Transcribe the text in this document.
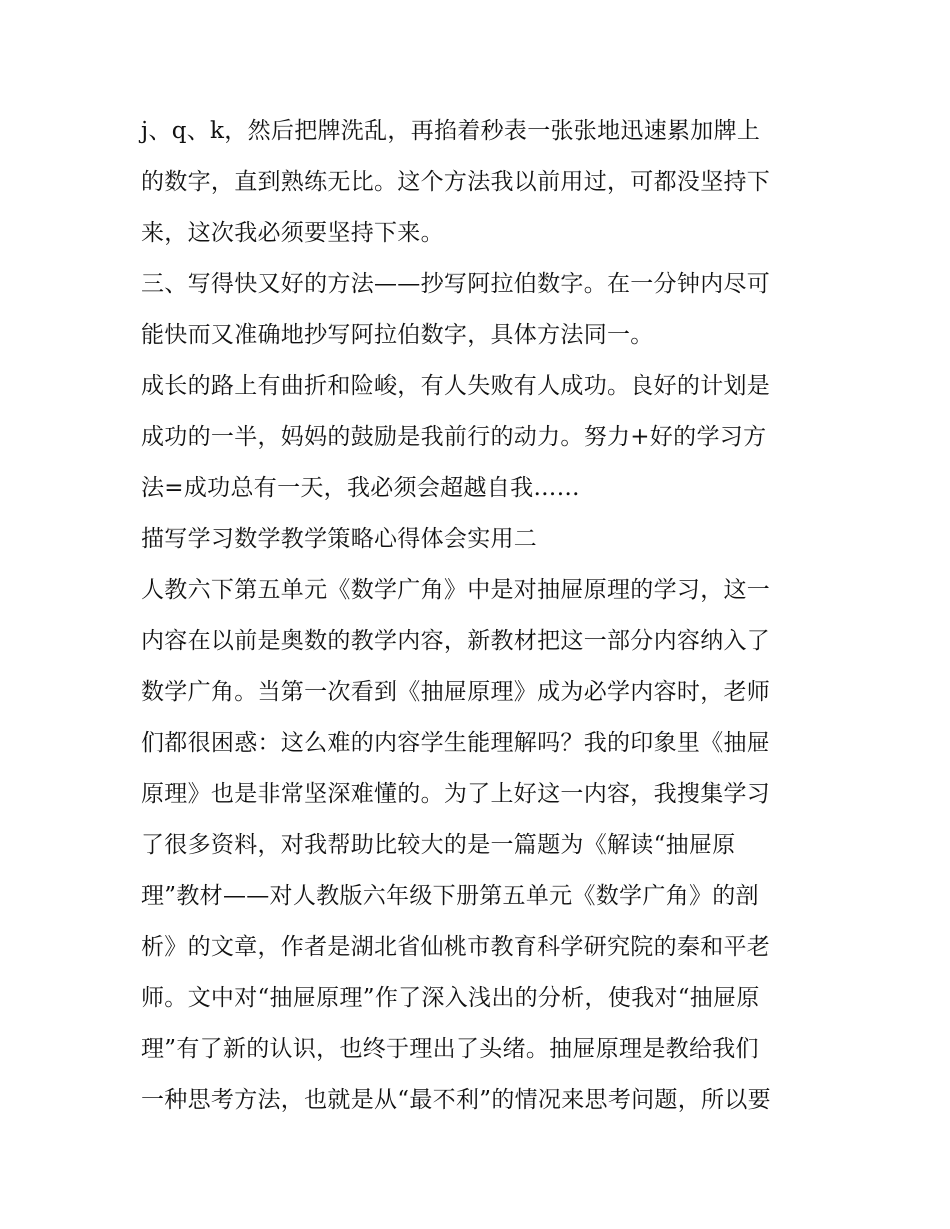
j、q、k，然后把牌洗乱，再掐着秒表一张张地迅速累加牌上
的数字，直到熟练无比。这个方法我以前用过，可都没坚持下
来，这次我必须要坚持下来。
三、写得快又好的方法——抄写阿拉伯数字。在一分钟内尽可
能快而又准确地抄写阿拉伯数字，具体方法同一。
成长的路上有曲折和险峻，有人失败有人成功。良好的计划是
成功的一半，妈妈的鼓励是我前行的动力。努力+好的学习方
法=成功总有一天，我必须会超越自我……
描写学习数学教学策略心得体会实用二
人教六下第五单元《数学广角》中是对抽屉原理的学习，这一
内容在以前是奥数的教学内容，新教材把这一部分内容纳入了
数学广角。当第一次看到《抽屉原理》成为必学内容时，老师
们都很困惑：这么难的内容学生能理解吗？我的印象里《抽屉
原理》也是非常坚深难懂的。为了上好这一内容，我搜集学习
了很多资料，对我帮助比较大的是一篇题为《解读“抽屉原
理”教材——对人教版六年级下册第五单元《数学广角》的剖
析》的文章，作者是湖北省仙桃市教育科学研究院的秦和平老
师。文中对“抽屉原理”作了深入浅出的分析，使我对“抽屉原
理”有了新的认识，也终于理出了头绪。抽屉原理是教给我们
一种思考方法，也就是从“最不利”的情况来思考问题，所以要
